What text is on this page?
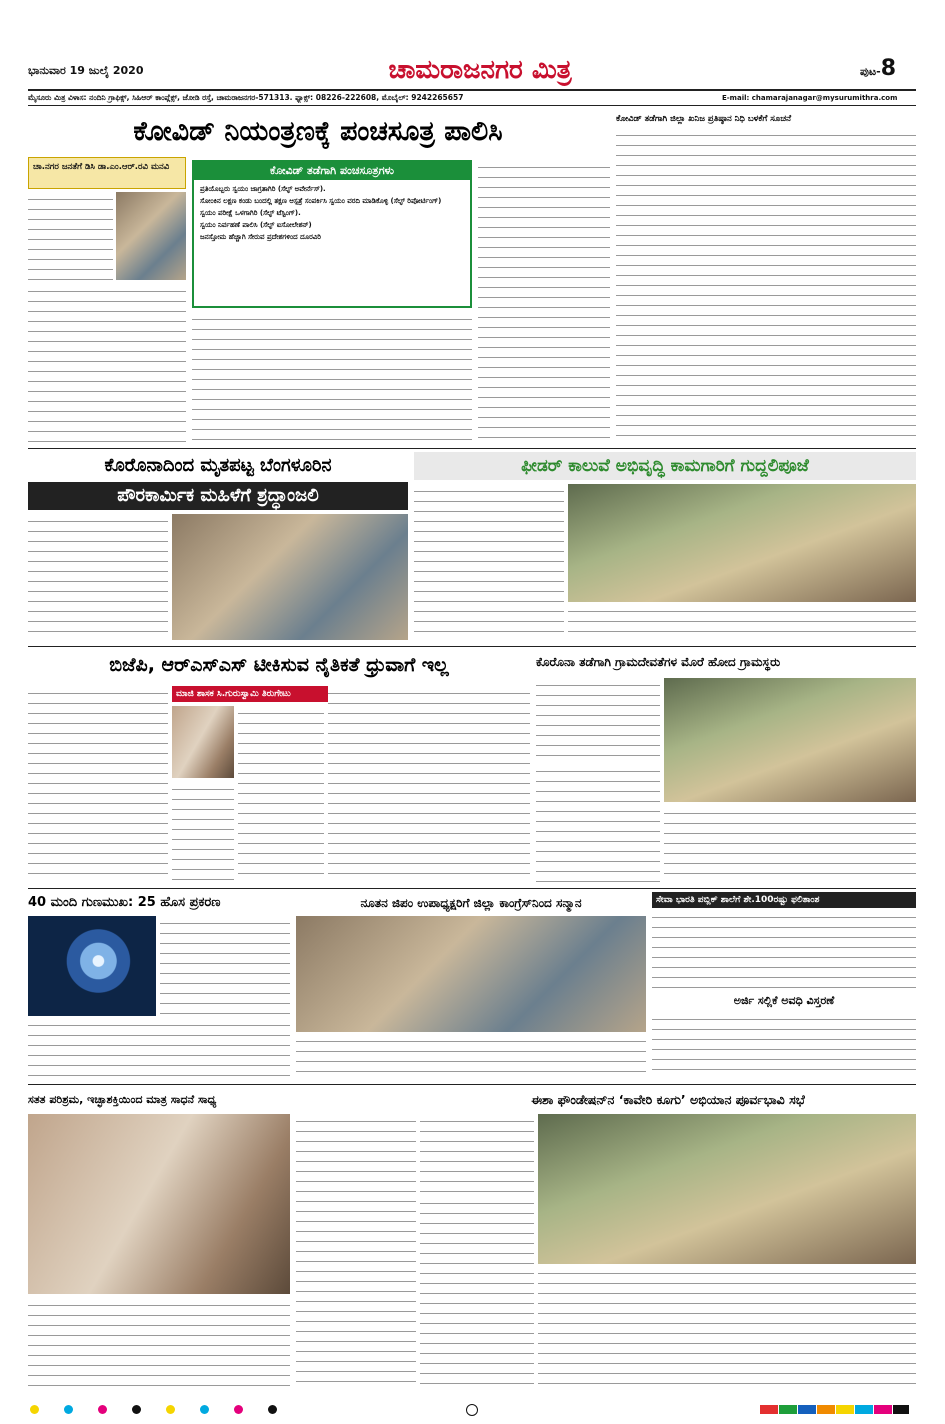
ಭಾನುವಾರ 19 ಜುಲೈ 2020	ಚಾಮರಾಜನಗರ ಮಿತ್ರ	ಪುಟ-8
ಮೈಸೂರು ಮಿತ್ರ ವಿಳಾಸ: ನಂದಿನಿ ಗ್ರಾಫಿಕ್ಸ್, ಸಿಹಿಆರ್ ಕಾಂಪ್ಲೆಕ್ಸ್, ಜೋಡಿ ರಸ್ತೆ, ಚಾಮರಾಜನಗರ-571313. ಫ್ಯಾಕ್ಸ್: 08226-222608, ಮೊಬೈಲ್: 9242265657	E-mail: chamarajanagar@mysurumithra.com
ಕೋವಿಡ್ ನಿಯಂತ್ರಣಕ್ಕೆ ಪಂಚಸೂತ್ರ ಪಾಲಿಸಿ	ಕೋವಿಡ್ ತಡೆಗಾಗಿ ಜಿಲ್ಲಾ ಖನಿಜ ಪ್ರತಿಷ್ಠಾನ ನಿಧಿ ಬಳಕೆಗೆ ಸೂಚನೆ
ಚಾ.ನಗರ ಜನತೆಗೆ ಡಿಸಿ ಡಾ.ಎಂ.ಆರ್.ರವಿ ಮನವಿ	ಕೋವಿಡ್ ತಡೆಗಾಗಿ ಪಂಚಸೂತ್ರಗಳು
ಪ್ರತಿಯೊಬ್ಬರು ಸ್ವಯಂ ಜಾಗ್ರತಾಗಿರಿ (ಸೆಲ್ಫ್ ಅವೇರ್ನೆಸ್).
ಸೋಂಕಿನ ಲಕ್ಷಣ ಕಂಡು ಬಂದಲ್ಲಿ ತಕ್ಷಣ ಆಸ್ಪತ್ರೆ ಸಂಪರ್ಕಿಸಿ ಸ್ವಯಂ ವರದಿ ಮಾಡಿಕೊಳ್ಳಿ (ಸೆಲ್ಫ್ ರಿಪೋರ್ಟಿಂಗ್)
ಸ್ವಯಂ ಪರೀಕ್ಷೆ ಒಳಗಾಗಿರಿ (ಸೆಲ್ಫ್ ಟೆಸ್ಟಿಂಗ್).
ಸ್ವಯಂ ನಿರ್ವಹಣೆ ಪಾಲಿಸಿ (ಸೆಲ್ಫ್ ಐಸೋಲೇಶನ್)
ಜನಸ್ತೋಮ ಹೆಚ್ಚಾಗಿ ಸೇರುವ ಪ್ರದೇಶಗಳಿಂದ ದೂರವಿರಿ
ಕೊರೊನಾದಿಂದ ಮೃತಪಟ್ಟ ಬೆಂಗಳೂರಿನ
ಪೌರಕಾರ್ಮಿಕ ಮಹಿಳೆಗೆ ಶ್ರದ್ಧಾಂಜಲಿ
ಫೀಡರ್ ಕಾಲುವೆ ಅಭಿವೃದ್ಧಿ ಕಾಮಗಾರಿಗೆ ಗುದ್ದಲಿಪೂಜೆ
ಬಿಜೆಪಿ, ಆರ್‌ಎಸ್‌ಎಸ್ ಟೀಕಿಸುವ ನೈತಿಕತೆ ಧ್ರುವಾಗೆ ಇಲ್ಲ
ಮಾಜಿ ಶಾಸಕ ಸಿ.ಗುರುಸ್ವಾಮಿ ತಿರುಗೇಟು
ಕೊರೊನಾ ತಡೆಗಾಗಿ ಗ್ರಾಮದೇವತೆಗಳ ಮೊರೆ ಹೋದ ಗ್ರಾಮಸ್ಥರು
40 ಮಂದಿ ಗುಣಮುಖ: 25 ಹೊಸ ಪ್ರಕರಣ	ನೂತನ ಜಿಪಂ ಉಪಾಧ್ಯಕ್ಷರಿಗೆ ಜಿಲ್ಲಾ ಕಾಂಗ್ರೆಸ್‌ನಿಂದ ಸನ್ಮಾನ	ಸೇವಾ ಭಾರತಿ ಪಬ್ಲಿಕ್ ಶಾಲೆಗೆ ಶೇ.100ರಷ್ಟು ಫಲಿತಾಂಶ
ಅರ್ಜಿ ಸಲ್ಲಿಕೆ ಅವಧಿ ವಿಸ್ತರಣೆ
ಸತತ ಪರಿಶ್ರಮ, ಇಚ್ಛಾಶಕ್ತಿಯಿಂದ ಮಾತ್ರ ಸಾಧನೆ ಸಾಧ್ಯ	ಈಶಾ ಫೌಂಡೇಷನ್‌ನ ‘ಕಾವೇರಿ ಕೂಗು’ ಅಭಿಯಾನ ಪೂರ್ವಭಾವಿ ಸಭೆ
